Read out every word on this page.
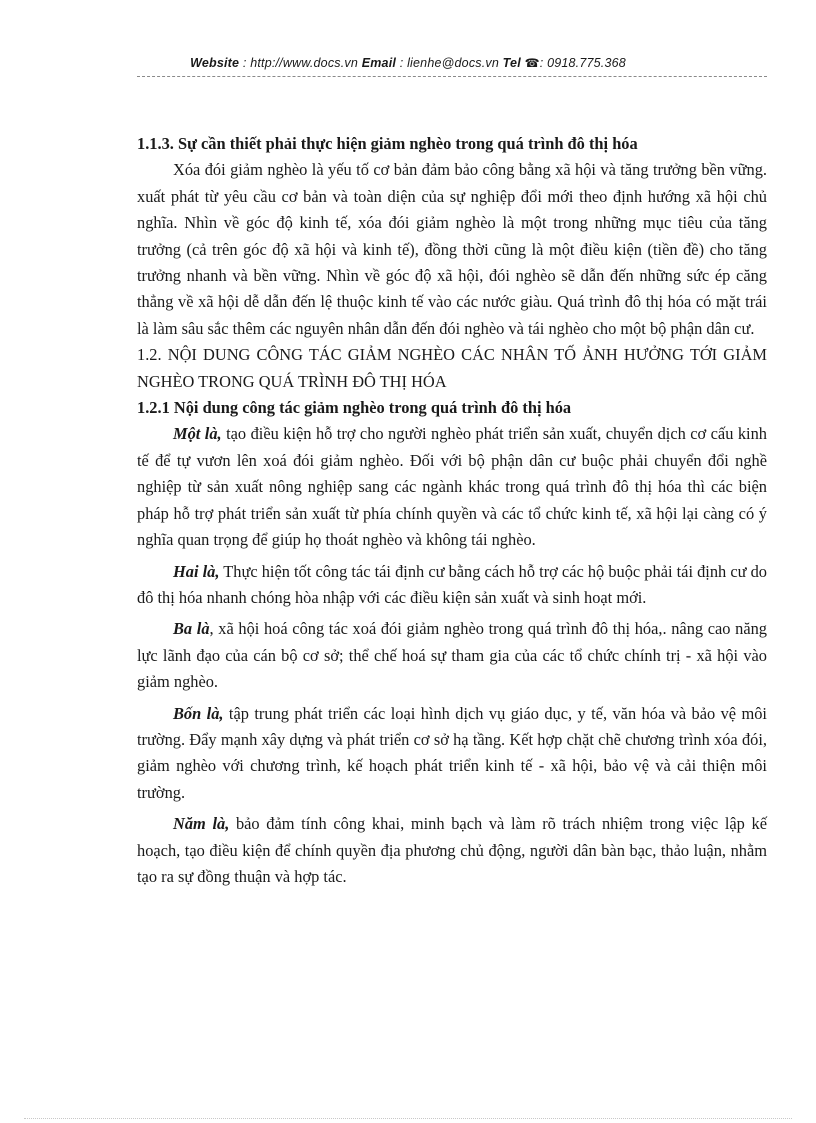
Website : http://www.docs.vn Email : lienhe@docs.vn Tel ☎: 0918.775.368

1.1.3. Sự cần thiết phải thực hiện giảm nghèo trong quá trình đô thị hóa

Xóa đói giảm nghèo là yếu tố cơ bản đảm bảo công bằng xã hội và tăng trưởng bền vững. xuất phát từ yêu cầu cơ bản và toàn diện của sự nghiệp đổi mới theo định hướng xã hội chủ nghĩa. Nhìn về góc độ kinh tế, xóa đói giảm nghèo là một trong những mục tiêu của tăng trưởng (cả trên góc độ xã hội và kinh tế), đồng thời cũng là một điều kiện (tiền đề) cho tăng trưởng nhanh và bền vững. Nhìn về góc độ xã hội, đói nghèo sẽ dẫn đến những sức ép căng thẳng về xã hội dễ dẫn đến lệ thuộc kinh tế vào các nước giàu. Quá trình đô thị hóa có mặt trái là làm sâu sắc thêm các nguyên nhân dẫn đến đói nghèo và tái nghèo cho một bộ phận dân cư.

1.2. NỘI DUNG CÔNG TÁC GIẢM NGHÈO CÁC NHÂN TỐ ẢNH HƯỞNG TỚI GIẢM NGHÈO TRONG QUÁ TRÌNH ĐÔ THỊ HÓA

1.2.1 Nội dung công tác giảm nghèo trong quá trình đô thị hóa

Một là, tạo điều kiện hỗ trợ cho người nghèo phát triển sản xuất, chuyển dịch cơ cấu kinh tế để tự vươn lên xoá đói giảm nghèo. Đối với bộ phận dân cư buộc phải chuyển đổi nghề nghiệp từ sản xuất nông nghiệp sang các ngành khác trong quá trình đô thị hóa thì các biện pháp hỗ trợ phát triển sản xuất từ phía chính quyền và các tổ chức kinh tế, xã hội lại càng có ý nghĩa quan trọng để giúp họ thoát nghèo và không tái nghèo.

Hai là, Thực hiện tốt công tác tái định cư bằng cách hỗ trợ các hộ buộc phải tái định cư do đô thị hóa nhanh chóng hòa nhập với các điều kiện sản xuất và sinh hoạt mới.

Ba là, xã hội hoá công tác xoá đói giảm nghèo trong quá trình đô thị hóa,. nâng cao năng lực lãnh đạo của cán bộ cơ sở; thể chế hoá sự tham gia của các tổ chức chính trị - xã hội vào giảm nghèo.

Bốn là, tập trung phát triển các loại hình dịch vụ giáo dục, y tế, văn hóa và bảo vệ môi trường. Đẩy mạnh xây dựng và phát triển cơ sở hạ tầng. Kết hợp chặt chẽ chương trình xóa đói, giảm nghèo với chương trình, kế hoạch phát triển kinh tế - xã hội, bảo vệ và cải thiện môi trường.

Năm là, bảo đảm tính công khai, minh bạch và làm rõ trách nhiệm trong việc lập kế hoạch, tạo điều kiện để chính quyền địa phương chủ động, người dân bàn bạc, thảo luận, nhằm tạo ra sự đồng thuận và hợp tác.
